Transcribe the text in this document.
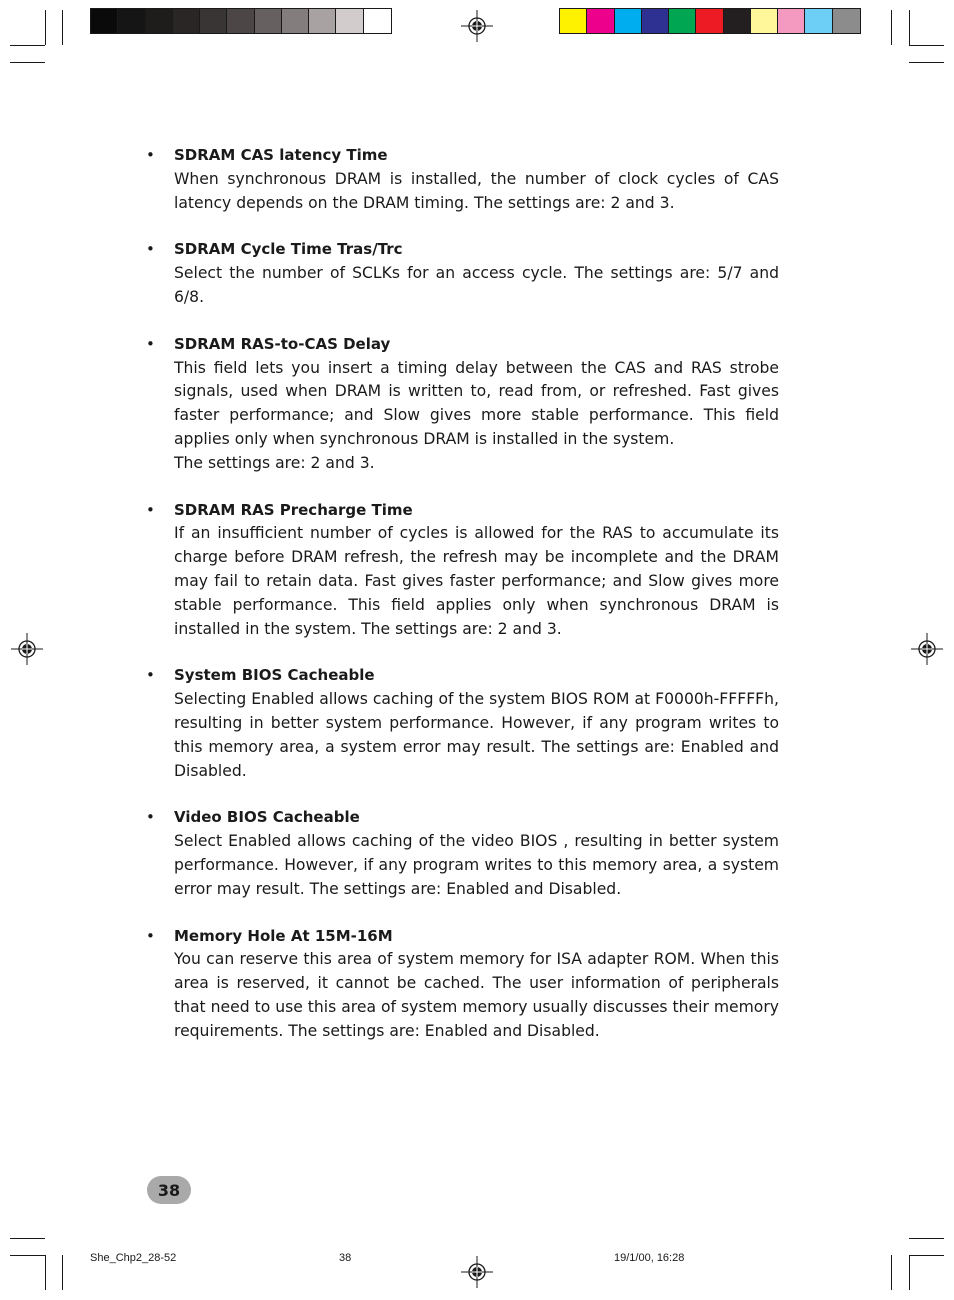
• SDRAM CAS latency Time

When synchronous DRAM is installed, the number of clock cycles of CAS latency depends on the DRAM timing. The settings are: 2 and 3.

• SDRAM Cycle Time Tras/Trc

Select the number of SCLKs for an access cycle. The settings are: 5/7 and 6/8.

• SDRAM RAS-to-CAS Delay

This field lets you insert a timing delay between the CAS and RAS strobe signals, used when DRAM is written to, read from, or refreshed. Fast gives faster performance; and Slow gives more stable performance. This field applies only when synchronous DRAM is installed in the system.

The settings are: 2 and 3.

• SDRAM RAS Precharge Time

If an insufficient number of cycles is allowed for the RAS to accumulate its charge before DRAM refresh, the refresh may be incomplete and the DRAM may fail to retain data. Fast gives faster performance; and Slow gives more stable performance. This field applies only when synchronous DRAM is installed in the system. The settings are: 2 and 3.

• System BIOS Cacheable

Selecting Enabled allows caching of the system BIOS ROM at F0000h-FFFFFh, resulting in better system performance. However, if any program writes to this memory area, a system error may result. The settings are: Enabled and Disabled.

• Video BIOS Cacheable

Select Enabled allows caching of the video BIOS , resulting in better system performance. However, if any program writes to this memory area, a system error may result. The settings are: Enabled and Disabled.

• Memory Hole At 15M-16M

You can reserve this area of system memory for ISA adapter ROM. When this area is reserved, it cannot be cached. The user information of peripherals that need to use this area of system memory usually discusses their memory requirements. The settings are: Enabled and Disabled.

38
She_Chp2_28-52	38	19/1/00, 16:28
